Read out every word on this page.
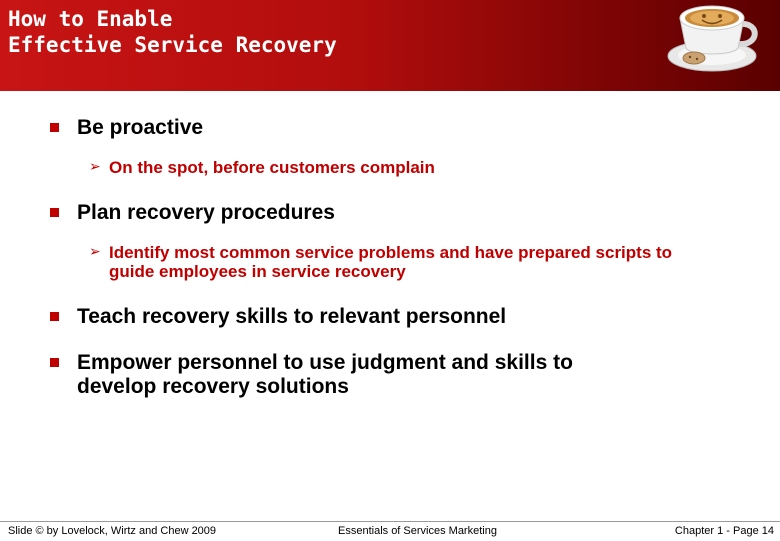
How to Enable
Effective Service Recovery
Be proactive
➢ On the spot, before customers complain
Plan recovery procedures
➢ Identify most common service problems and have prepared scripts to guide employees in service recovery
Teach recovery skills to relevant personnel
Empower personnel to use judgment and skills to develop recovery solutions
Slide © by Lovelock, Wirtz and Chew 2009	Essentials of Services Marketing	Chapter 1 - Page 14
